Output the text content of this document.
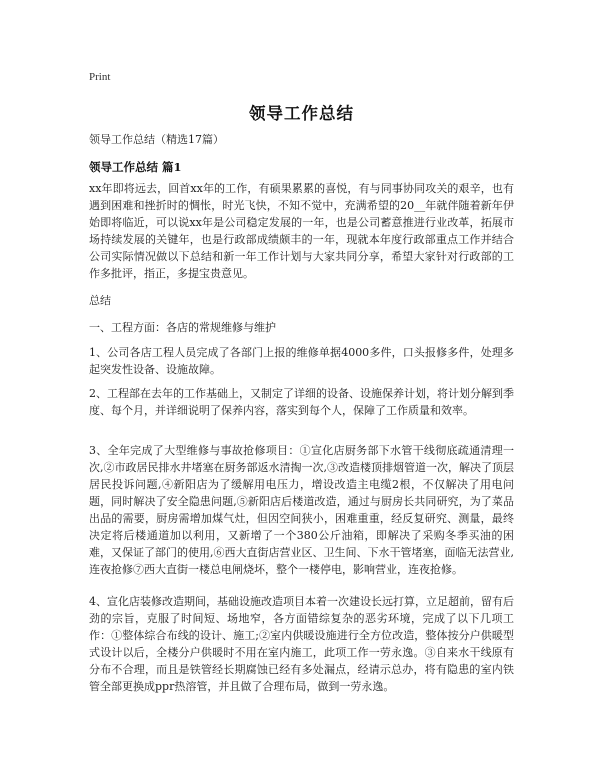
Print
领导工作总结
领导工作总结（精选17篇）
领导工作总结 篇1

xx年即将远去，回首xx年的工作，有硕果累累的喜悦，有与同事协同攻关的艰辛，也有遇到困难和挫折时的惆怅，时光飞快，不知不觉中，充满希望的20__年就伴随着新年伊始即将临近，可以说xx年是公司稳定发展的一年，也是公司蓄意推进行业改革，拓展市场持续发展的关键年，也是行政部成绩颇丰的一年，现就本年度行政部重点工作并结合公司实际情况做以下总结和新一年工作计划与大家共同分享，希望大家针对行政部的工作多批评，指正，多提宝贵意见。

总结
一、工程方面：各店的常规维修与维护

1、公司各店工程人员完成了各部门上报的维修单据4000多件，口头报修多件，处理多起突发性设备、设施故障。

2、工程部在去年的工作基础上，又制定了详细的设备、设施保养计划，将计划分解到季度、每个月，并详细说明了保养内容，落实到每个人，保障了工作质量和效率。

3、全年完成了大型维修与事故抢修项目：①宣化店厨务部下水管干线彻底疏通清理一次,②市政居民排水井堵塞在厨务部返水清掏一次,③改造楼顶排烟管道一次，解决了顶层居民投诉问题,④新阳店为了缓解用电压力，增设改造主电缆2根，不仅解决了用电问题，同时解决了安全隐患问题,⑤新阳店后楼道改造，通过与厨房长共同研究，为了菜品出品的需要，厨房需增加煤气灶，但因空间狭小，困难重重，经反复研究、测量，最终决定将后楼通道加以利用，又新增了一个380公斤油箱，即解决了采购冬季买油的困难，又保证了部门的使用,⑥西大直街店营业区、卫生间、下水干管堵塞，面临无法营业,连夜抢修⑦西大直街一楼总电闸烧坏，整个一楼停电，影响营业，连夜抢修。

4、宣化店装修改造期间，基础设施改造项目本着一次建设长远打算，立足超前，留有后劲的宗旨，克服了时间短、场地窄，各方面错综复杂的恶劣环境，完成了以下几项工作：①整体综合布线的设计、施工;②室内供暖设施进行全方位改造，整体按分户供暖型式设计以后，全楼分户供暖时不用在室内施工，此项工作一劳永逸。③自来水干线原有分布不合理，而且是铁管经长期腐蚀已经有多处漏点，经请示总办，将有隐患的室内铁管全部更换成ppr热溶管，并且做了合理布局，做到一劳永逸。
